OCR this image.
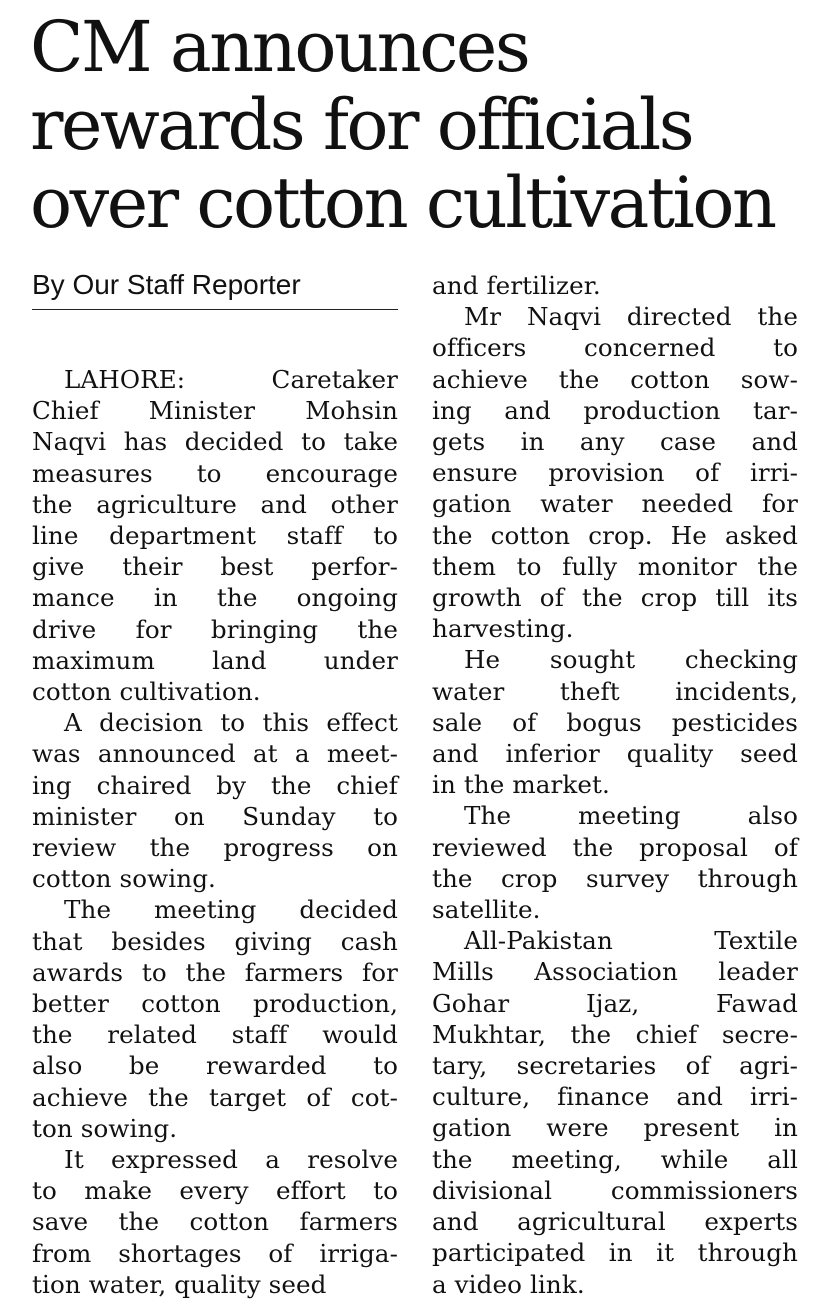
CM announces
rewards for officials
over cotton cultivation
By Our Staff Reporter

LAHORE: Caretaker
Chief Minister Mohsin
Naqvi has decided to take
measures to encourage
the agriculture and other
line department staff to
give their best perfor-
mance in the ongoing
drive for bringing the
maximum land under
cotton cultivation.

A decision to this effect
was announced at a meet-
ing chaired by the chief
minister on Sunday to
review the progress on
cotton sowing.

The meeting decided
that besides giving cash
awards to the farmers for
better cotton production,
the related staff would
also be rewarded to
achieve the target of cot-
ton sowing.

It expressed a resolve
to make every effort to
save the cotton farmers
from shortages of irriga-
tion water, quality seed

and fertilizer.

Mr Naqvi directed the
officers concerned to
achieve the cotton sow-
ing and production tar-
gets in any case and
ensure provision of irri-
gation water needed for
the cotton crop. He asked
them to fully monitor the
growth of the crop till its
harvesting.

He sought checking
water theft incidents,
sale of bogus pesticides
and inferior quality seed
in the market.

The meeting also
reviewed the proposal of
the crop survey through
satellite.

All-Pakistan Textile
Mills Association leader
Gohar Ijaz, Fawad
Mukhtar, the chief secre-
tary, secretaries of agri-
culture, finance and irri-
gation were present in
the meeting, while all
divisional commissioners
and agricultural experts
participated in it through
a video link.
